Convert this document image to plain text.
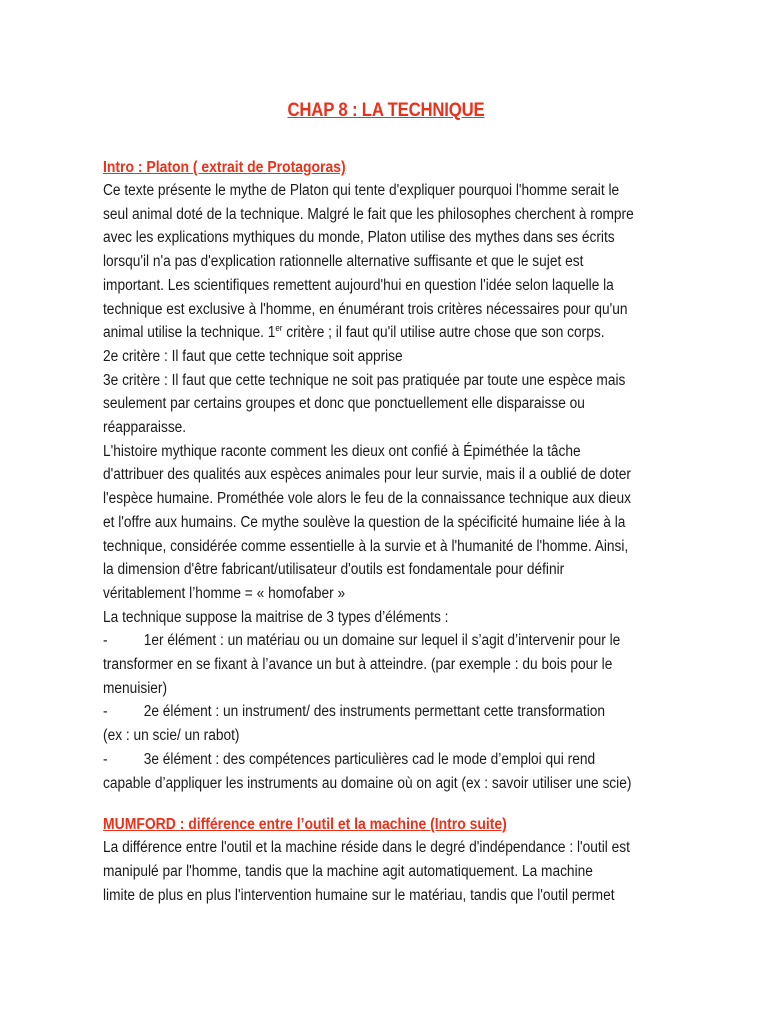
CHAP 8 : LA TECHNIQUE
Intro : Platon ( extrait de Protagoras)
Ce texte présente le mythe de Platon qui tente d'expliquer pourquoi l'homme serait le
seul animal doté de la technique. Malgré le fait que les philosophes cherchent à rompre
avec les explications mythiques du monde, Platon utilise des mythes dans ses écrits
lorsqu'il n'a pas d'explication rationnelle alternative suffisante et que le sujet est
important. Les scientifiques remettent aujourd'hui en question l'idée selon laquelle la
technique est exclusive à l'homme, en énumérant trois critères nécessaires pour qu'un
animal utilise la technique. 1er critère ; il faut qu'il utilise autre chose que son corps.
2e critère : Il faut que cette technique soit apprise
3e critère : Il faut que cette technique ne soit pas pratiquée par toute une espèce mais
seulement par certains groupes et donc que ponctuellement elle disparaisse ou
réapparaisse.
L'histoire mythique raconte comment les dieux ont confié à Épiméthée la tâche
d'attribuer des qualités aux espèces animales pour leur survie, mais il a oublié de doter
l'espèce humaine. Prométhée vole alors le feu de la connaissance technique aux dieux
et l'offre aux humains. Ce mythe soulève la question de la spécificité humaine liée à la
technique, considérée comme essentielle à la survie et à l'humanité de l'homme. Ainsi,
la dimension d'être fabricant/utilisateur d'outils est fondamentale pour définir
véritablement l’homme = « homofaber »
La technique suppose la maitrise de 3 types d’éléments :
- 1er élément : un matériau ou un domaine sur lequel il s’agit d’intervenir pour le
transformer en se fixant à l’avance un but à atteindre. (par exemple : du bois pour le
menuisier)
- 2e élément : un instrument/ des instruments permettant cette transformation
(ex : un scie/ un rabot)
- 3e élément : des compétences particulières cad le mode d’emploi qui rend
capable d’appliquer les instruments au domaine où on agit (ex : savoir utiliser une scie)
MUMFORD : différence entre l’outil et la machine (Intro suite)
La différence entre l'outil et la machine réside dans le degré d'indépendance : l'outil est
manipulé par l'homme, tandis que la machine agit automatiquement. La machine
limite de plus en plus l'intervention humaine sur le matériau, tandis que l'outil permet
